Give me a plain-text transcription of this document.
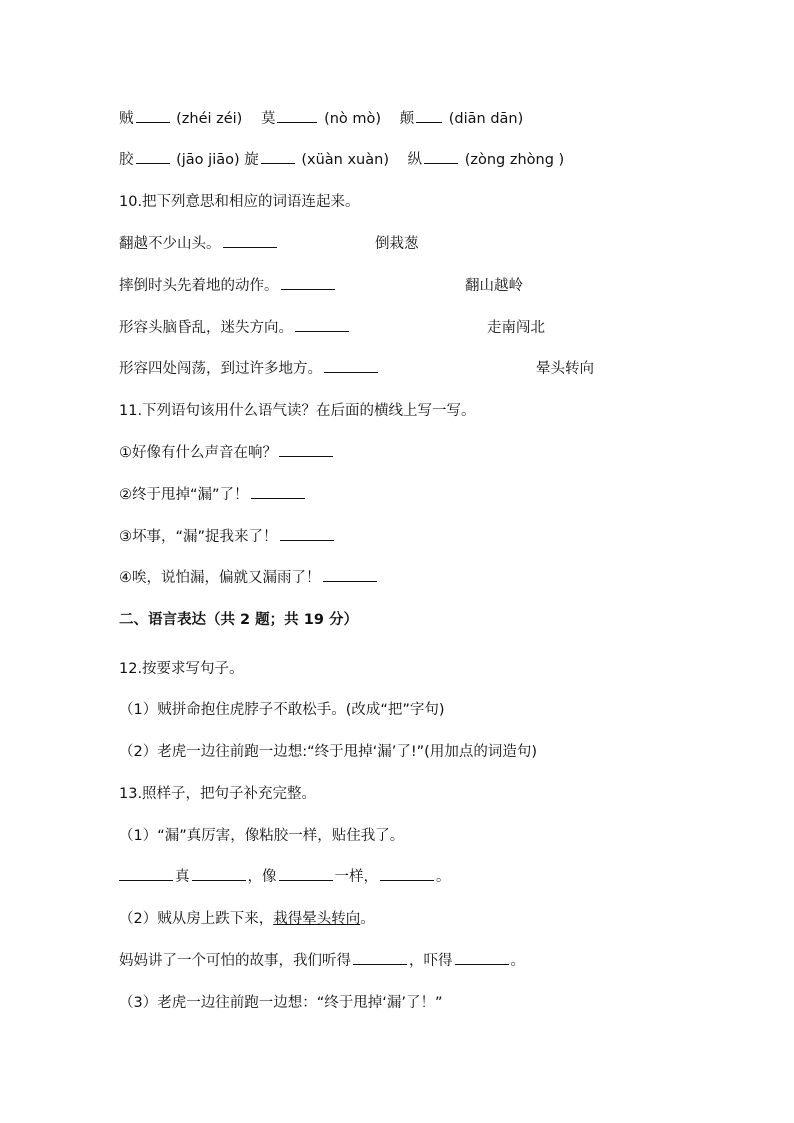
贼	(zhéi zéi) 莫	(nò mò) 颠 (diān dān)
胶	(jāo jiāo) 旋	(xüàn xuàn) 纵	(zòng zhòng )
10.把下列意思和相应的词语连起来。
翻越不少山头。	倒栽葱
摔倒时头先着地的动作。	翻山越岭
形容头脑昏乱，迷失方向。	走南闯北
形容四处闯荡，到过许多地方。	晕头转向
11.下列语句该用什么语气读？在后面的横线上写一写。
①好像有什么声音在响？
②终于甩掉“漏”了！
③坏事，“漏”捉我来了！
④唉，说怕漏，偏就又漏雨了！
二、语言表达（共 2 题；共 19 分）
12.按要求写句子。
（1）贼拼命抱住虎脖子不敢松手。(改成“把”字句)
（2）老虎一边往前跑一边想:“终于甩掉‘漏’了!”(用加点的词造句)
13.照样子，把句子补充完整。
（1）“漏”真厉害，像粘胶一样，贴住我了。
真	，像	一样，	。
（2）贼从房上跌下来，栽得晕头转向。
妈妈讲了一个可怕的故事，我们听得	，吓得	。
（3）老虎一边往前跑一边想：“终于甩掉‘漏’了！”
